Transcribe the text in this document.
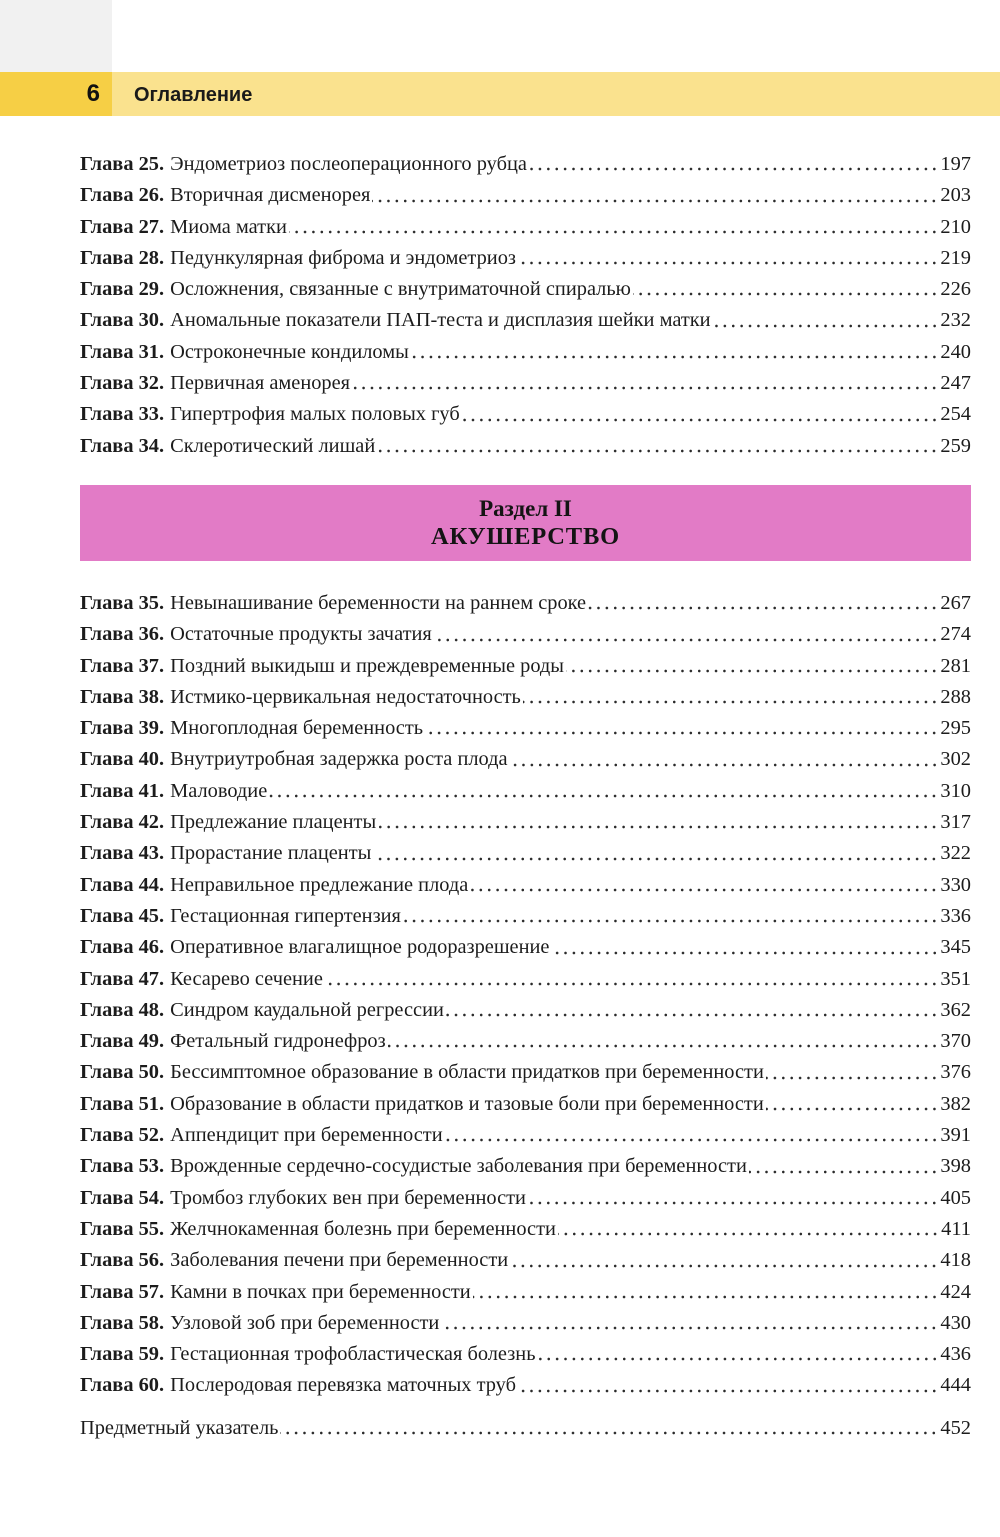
6	Оглавление
Глава 25. Эндометриоз послеоперационного рубца	197
Глава 26. Вторичная дисменорея	203
Глава 27. Миома матки	210
Глава 28. Педункулярная фиброма и эндометриоз	219
Глава 29. Осложнения, связанные с внутриматочной спиралью	226
Глава 30. Аномальные показатели ПАП-теста и дисплазия шейки матки	232
Глава 31. Остроконечные кондиломы	240
Глава 32. Первичная аменорея	247
Глава 33. Гипертрофия малых половых губ	254
Глава 34. Склеротический лишай	259
Раздел II
АКУШЕРСТВО
Глава 35. Невынашивание беременности на раннем сроке	267
Глава 36. Остаточные продукты зачатия	274
Глава 37. Поздний выкидыш и преждевременные роды	281
Глава 38. Истмико-цервикальная недостаточность	288
Глава 39. Многоплодная беременность	295
Глава 40. Внутриутробная задержка роста плода	302
Глава 41. Маловодие	310
Глава 42. Предлежание плаценты	317
Глава 43. Прорастание плаценты	322
Глава 44. Неправильное предлежание плода	330
Глава 45. Гестационная гипертензия	336
Глава 46. Оперативное влагалищное родоразрешение	345
Глава 47. Кесарево сечение	351
Глава 48. Синдром каудальной регрессии	362
Глава 49. Фетальный гидронефроз	370
Глава 50. Бессимптомное образование в области придатков при беременности	376
Глава 51. Образование в области придатков и тазовые боли при беременности	382
Глава 52. Аппендицит при беременности	391
Глава 53. Врожденные сердечно-сосудистые заболевания при беременности	398
Глава 54. Тромбоз глубоких вен при беременности	405
Глава 55. Желчнокаменная болезнь при беременности	411
Глава 56. Заболевания печени при беременности	418
Глава 57. Камни в почках при беременности	424
Глава 58. Узловой зоб при беременности	430
Глава 59. Гестационная трофобластическая болезнь	436
Глава 60. Послеродовая перевязка маточных труб	444
Предметный указатель	452
